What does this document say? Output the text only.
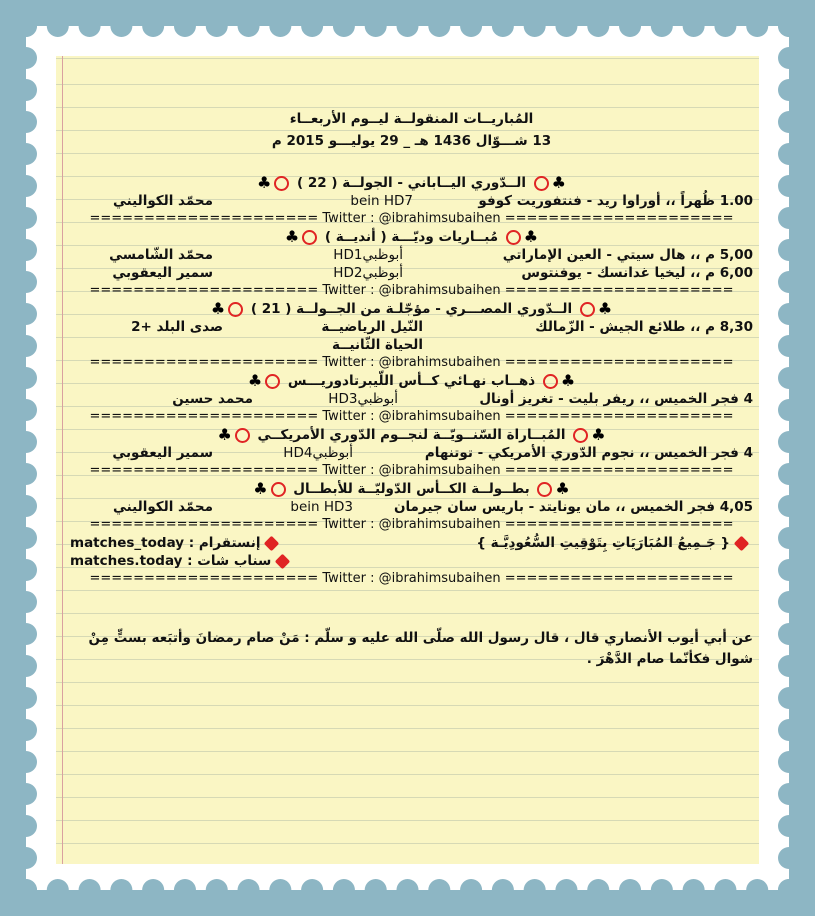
المُباريــات المنقولــة ليــوم الأربعــاء
13 شـــوّال 1436 هـ _ 29 يوليـــو 2015 م
♣ الــدّوري اليــاباني - الجولــة ( 22 ) ♣
1.00 ظُهراً ،، أوراوا ريد - فنتفوريت كوفو
bein HD7
محمّد الكواليني
===================== Twitter : @ibrahimsubaihen =====================
♣ مُبــاريات وديّـــة ( أنديــة ) ♣
5,00 م ،، هال سيتي - العين الإماراتي
أبوظبيHD1
محمّد الشّامسي
6,00 م ،، ليخيا غدانسك - يوفنتوس
أبوظبيHD2
سمير اليعقوبي
===================== Twitter : @ibrahimsubaihen =====================
♣ الــدّوري المصـــري - مؤجّلـة من الجــولــة ( 21 ) ♣
8,30 م ،، طلائع الجيش - الزّمالك
النّيل الرياضيــة
صدى البلد +2
الحياة الثّانيــة
===================== Twitter : @ibrahimsubaihen =====================
♣ ذهــاب نهـائي كــأس اللّيبرتادوريـــس ♣
4 فجر الخميس ،، ريفر بليت - تغريز أونال
أبوظبيHD3
محمد حسين
===================== Twitter : @ibrahimsubaihen =====================
♣ المُبــاراة السّنــويّــة لنجــوم الدّوري الأمريكــي ♣
4 فجر الخميس ،، نجوم الدّوري الأمريكي - توتنهام
أبوظبيHD4
سمير اليعقوبي
===================== Twitter : @ibrahimsubaihen =====================
♣ بطــولــة الكــأس الدّوليّــة للأبطــال ♣
4,05 فجر الخميس ،، مان يونايتد - باريس سان جيرمان
bein HD3
محمّد الكواليني
===================== Twitter : @ibrahimsubaihen =====================
{ جَـمِيعُ المُبَارَيَاتِ بِتَوْقِيتِ السُّعُودِيَّـة }
إنستقرام : matches_today
سناب شات : matches.today
===================== Twitter : @ibrahimsubaihen =====================
عن أبي أيوب الأنصاري قال ، قال رسول الله صلّى الله عليه و سلّم : مَنْ صام رمضانَ وأتبَعه بستٍّ مِنْ
شوال فكأنّما صام الدَّهْرَ .
